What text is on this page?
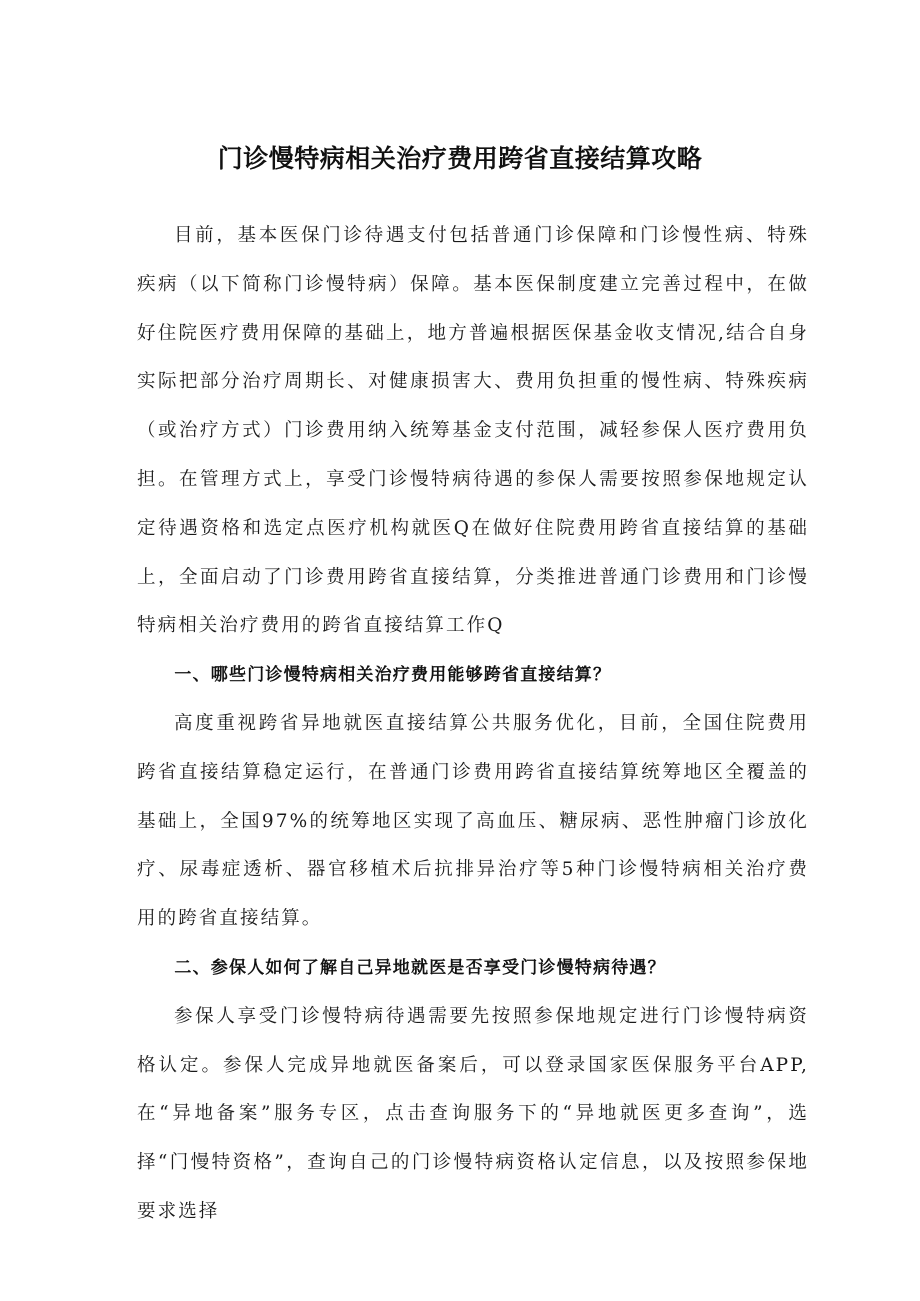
门诊慢特病相关治疗费用跨省直接结算攻略

目前，基本医保门诊待遇支付包括普通门诊保障和门诊慢性病、特殊疾病（以下简称门诊慢特病）保障。基本医保制度建立完善过程中，在做好住院医疗费用保障的基础上，地方普遍根据医保基金收支情况,结合自身实际把部分治疗周期长、对健康损害大、费用负担重的慢性病、特殊疾病（或治疗方式）门诊费用纳入统筹基金支付范围，减轻参保人医疗费用负担。在管理方式上，享受门诊慢特病待遇的参保人需要按照参保地规定认定待遇资格和选定点医疗机构就医Q在做好住院费用跨省直接结算的基础上，全面启动了门诊费用跨省直接结算，分类推进普通门诊费用和门诊慢特病相关治疗费用的跨省直接结算工作Q

一、哪些门诊慢特病相关治疗费用能够跨省直接结算？

高度重视跨省异地就医直接结算公共服务优化，目前，全国住院费用跨省直接结算稳定运行，在普通门诊费用跨省直接结算统筹地区全覆盖的基础上，全国97%的统筹地区实现了高血压、糖尿病、恶性肿瘤门诊放化疗、尿毒症透析、器官移植术后抗排异治疗等5种门诊慢特病相关治疗费用的跨省直接结算。

二、参保人如何了解自己异地就医是否享受门诊慢特病待遇？

参保人享受门诊慢特病待遇需要先按照参保地规定进行门诊慢特病资格认定。参保人完成异地就医备案后，可以登录国家医保服务平台APP,在“异地备案”服务专区，点击查询服务下的“异地就医更多查询”，选择“门慢特资格”，查询自己的门诊慢特病资格认定信息，以及按照参保地要求选择
